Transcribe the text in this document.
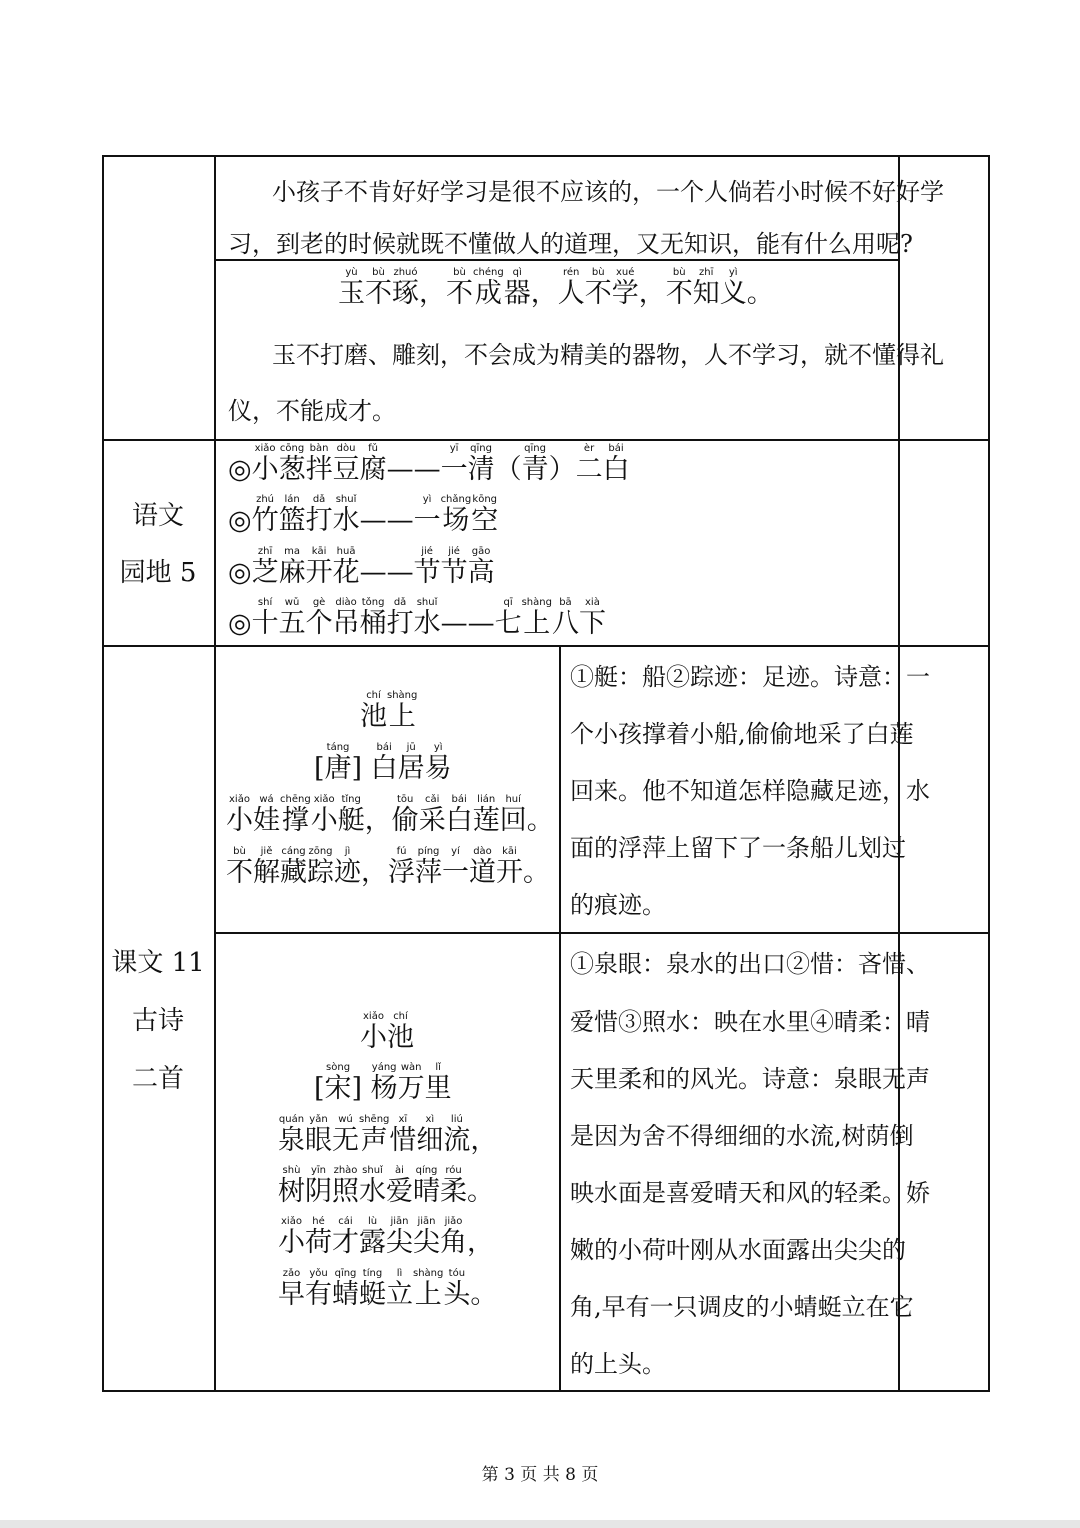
小孩子不肯好好学习是很不应该的，一个人倘若小时候不好好学
习，到老的时候就既不懂做人的道理，又无知识，能有什么用呢?
玉yù不bù琢zhuó， 不bù成chéng器qì， 人rén不bù学xué， 不bù知zhī义yì。
玉不打磨、雕刻，不会成为精美的器物，人不学习，就不懂得礼
仪，不能成才。
语文
园地 5
◎ 小xiǎo葱cōng拌bàn豆dòu腐fǔ—— 一yī清qīng（ 青qīng） 二èr白bái
◎ 竹zhú篮lán打dǎ水shuǐ—— 一yì场chǎng空kōng
◎ 芝zhī麻ma开kāi花huā—— 节jié节jié高gāo
◎ 十shí五wǔ个gè吊diào桶tǒng打dǎ水shuǐ—— 七qī上shàng八bā下xià
课文 11
古诗
二首
池chí上shàng
[ 唐táng]  白bái居jū易yì
小xiǎo娃wá撑chēng小xiǎo艇tǐng， 偷tōu采cǎi白bái莲lián回huí。
不bù解jiě藏cáng踪zōng迹jì， 浮fú萍píng一yí道dào开kāi。
①艇：船②踪迹：足迹。诗意：一
个小孩撑着小船,偷偷地采了白莲
回来。他不知道怎样隐藏足迹，水
面的浮萍上留下了一条船儿划过
的痕迹。
小xiǎo池chí
[ 宋sòng]  杨yáng万wàn里lǐ
泉quán眼yǎn无wú声shēng惜xī细xì流liú，
树shù阴yīn照zhào水shuǐ爱ài晴qíng柔róu。
小xiǎo荷hé才cái露lù尖jiān尖jiān角jiǎo，
早zǎo有yǒu蜻qīng蜓tíng立lì上shàng头tóu。
①泉眼：泉水的出口②惜：吝惜、
爱惜③照水：映在水里④晴柔：晴
天里柔和的风光。诗意：泉眼无声
是因为舍不得细细的水流,树荫倒
映水面是喜爱晴天和风的轻柔。娇
嫩的小荷叶刚从水面露出尖尖的
角,早有一只调皮的小蜻蜓立在它
的上头。
第 3 页 共 8 页
